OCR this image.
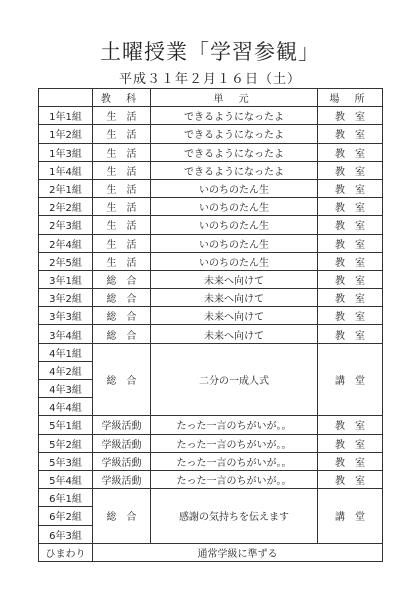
土曜授業「学習参観」
平成３１年２月１６日（土）
	教 科	単 元	場 所
1年1組	生　活	できるようになったよ	教　室
1年2組	生　活	できるようになったよ	教　室
1年3組	生　活	できるようになったよ	教　室
1年4組	生　活	できるようになったよ	教　室
2年1組	生　活	いのちのたん生	教　室
2年2組	生　活	いのちのたん生	教　室
2年3組	生　活	いのちのたん生	教　室
2年4組	生　活	いのちのたん生	教　室
2年5組	生　活	いのちのたん生	教　室
3年1組	総　合	未来へ向けて	教　室
3年2組	総　合	未来へ向けて	教　室
3年3組	総　合	未来へ向けて	教　室
3年4組	総　合	未来へ向けて	教　室
4年1組	総　合	二分の一成人式	講　堂
4年2組			
4年3組			
4年4組			
5年1組	学級活動	たった一言のちがいが。。	教　室
5年2組	学級活動	たった一言のちがいが。。	教　室
5年3組	学級活動	たった一言のちがいが。。	教　室
5年4組	学級活動	たった一言のちがいが。。	教　室
6年1組	総　合	感謝の気持ちを伝えます	講　堂
6年2組			
6年3組			
ひまわり	通常学級に準ずる		
